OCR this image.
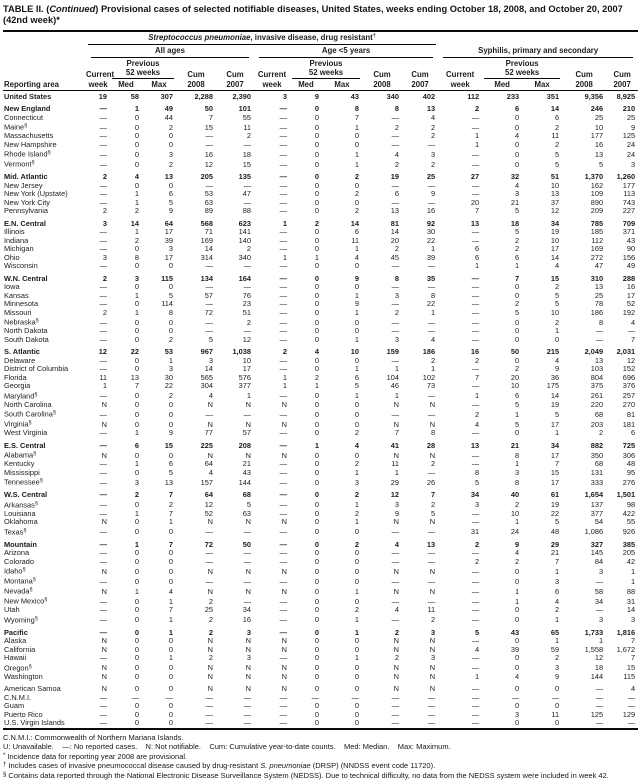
TABLE II. (Continued) Provisional cases of selected notifiable diseases, United States, weeks ending October 18, 2008, and October 20, 2007 (42nd week)*
Reporting area	Streptococcus pneumoniae, invasive disease, drug resistant†

	All ages					Age <5 years					Syphilis, primary and secondary				

	Current	Previous
52 weeks		Cum	Cum	Current	Previous
52 weeks		Cum	Cum	Current	Previous
52 weeks		Cum	Cum
	week	Med	Max	2008	2007	week	Med	Max	2008	2007	week	Med	Max	2008	2007
United States	19	58	307	2,288	2,390	3	9	43	340	402	112	233	351	9,356	8,925
New England	—	1	49	50	101	—	0	8	8	13	2	6	14	246	210
Connecticut	—	0	44	7	55	—	0	7	—	4	—	0	6	25	25
Maine§	—	0	2	15	11	—	0	1	2	2	—	0	2	10	9
Massachusetts	—	0	0	—	2	—	0	0	—	2	1	4	11	177	125
New Hampshire	—	0	0	—	—	—	0	0	—	—	1	0	2	16	24
Rhode Island§	—	0	3	16	18	—	0	1	4	3	—	0	5	13	24
Vermont§	—	0	2	12	15	—	0	1	2	2	—	0	5	5	3
Mid. Atlantic	2	4	13	205	135	—	0	2	19	25	27	32	51	1,370	1,260
New Jersey	—	0	0	—	—	—	0	0	—	—	—	4	10	162	177
New York (Upstate)	—	1	6	53	47	—	0	2	6	9	—	3	13	109	113
New York City	—	1	5	63	—	—	0	0	—	—	20	21	37	890	743
Pennsylvania	2	2	9	89	88	—	0	2	13	16	7	5	12	209	227
E.N. Central	3	14	64	568	623	1	2	14	81	92	13	18	34	785	709
Illinois	—	1	17	71	141	—	0	6	14	30	—	5	19	185	371
Indiana	—	2	39	169	140	—	0	11	20	22	—	2	10	112	43
Michigan	—	0	3	14	2	—	0	1	2	1	6	2	17	169	90
Ohio	3	8	17	314	340	1	1	4	45	39	6	6	14	272	156
Wisconsin	—	0	0	—	—	—	0	0	—	—	1	1	4	47	49
W.N. Central	2	3	115	134	164	—	0	9	8	35	—	7	15	310	288
Iowa	—	0	0	—	—	—	0	0	—	—	—	0	2	13	16
Kansas	—	1	5	57	76	—	0	1	3	8	—	0	5	25	17
Minnesota	—	0	114	—	23	—	0	9	—	22	—	2	5	78	52
Missouri	2	1	8	72	51	—	0	1	2	1	—	5	10	186	192
Nebraska§	—	0	0	—	2	—	0	0	—	—	—	0	2	8	4
North Dakota	—	0	0	—	—	—	0	0	—	—	—	0	1	—	—
South Dakota	—	0	2	5	12	—	0	1	3	4	—	0	0	—	7
S. Atlantic	12	22	53	967	1,038	2	4	10	159	186	16	50	215	2,049	2,031
Delaware	—	0	1	3	10	—	0	0	—	2	2	0	4	13	12
District of Columbia	—	0	3	14	17	—	0	1	1	1	—	2	9	103	152
Florida	11	13	30	565	576	1	2	6	104	102	7	20	36	804	696
Georgia	1	7	22	304	377	1	1	5	46	73	—	10	175	375	376
Maryland§	—	0	2	4	1	—	0	1	1	—	1	6	14	261	257
North Carolina	N	0	0	N	N	N	0	0	N	N	—	5	19	220	270
South Carolina§	—	0	0	—	—	—	0	0	—	—	2	1	5	68	81
Virginia§	N	0	0	N	N	N	0	0	N	N	4	5	17	203	181
West Virginia	—	1	9	77	57	—	0	2	7	8	—	0	1	2	6
E.S. Central	—	6	15	225	208	—	1	4	41	28	13	21	34	882	725
Alabama§	N	0	0	N	N	N	0	0	N	N	—	8	17	350	306
Kentucky	—	1	6	64	21	—	0	2	11	2	—	1	7	68	48
Mississippi	—	0	5	4	43	—	0	1	1	—	8	3	15	131	95
Tennessee§	—	3	13	157	144	—	0	3	29	26	5	8	17	333	276
W.S. Central	—	2	7	64	68	—	0	2	12	7	34	40	61	1,654	1,501
Arkansas§	—	0	2	12	5	—	0	1	3	2	3	2	19	137	98
Louisiana	—	1	7	52	63	—	0	2	9	5	—	10	22	377	422
Oklahoma	N	0	1	N	N	N	0	1	N	N	—	1	5	54	55
Texas§	—	0	0	—	—	—	0	0	—	—	31	24	48	1,086	926
Mountain	—	1	7	72	50	—	0	2	4	13	2	9	29	327	385
Arizona	—	0	0	—	—	—	0	0	—	—	—	4	21	145	205
Colorado	—	0	0	—	—	—	0	0	—	—	2	2	7	84	42
Idaho§	N	0	0	N	N	N	0	0	N	N	—	0	1	3	1
Montana§	—	0	0	—	—	—	0	0	—	—	—	0	3	—	1
Nevada§	N	1	4	N	N	N	0	1	N	N	—	1	6	58	88
New Mexico§	—	0	1	2	—	—	0	0	—	—	—	1	4	34	31
Utah	—	0	7	25	34	—	0	2	4	11	—	0	2	—	14
Wyoming§	—	0	1	2	16	—	0	1	—	2	—	0	1	3	3
Pacific	—	0	1	2	3	—	0	1	2	3	5	43	65	1,733	1,816
Alaska	N	0	0	N	N	N	0	0	N	N	—	0	1	1	7
California	N	0	0	N	N	N	0	0	N	N	4	39	59	1,558	1,672
Hawaii	—	0	1	2	3	—	0	1	2	3	—	0	2	12	7
Oregon§	N	0	0	N	N	N	0	0	N	N	—	0	3	18	15
Washington	N	0	0	N	N	N	0	0	N	N	1	4	9	144	115
American Samoa	N	0	0	N	N	N	0	0	N	N	—	0	0	—	4
C.N.M.I.	—	—	—	—	—	—	—	—	—	—	—	—	—	—	—
Guam	—	0	0	—	—	—	0	0	—	—	—	0	0	—	—
Puerto Rico	—	0	0	—	—	—	0	0	—	—	—	3	11	125	129
U.S. Virgin Islands	—	0	0	—	—	—	0	0	—	—	—	0	0	—	—
C.N.M.I.: Commonwealth of Northern Mariana Islands.
U: Unavailable.    —: No reported cases.    N: Not notifiable.    Cum: Cumulative year-to-date counts.    Med: Median.    Max: Maximum.
* Incidence data for reporting year 2008 are provisional.
† Includes cases of invasive pneumococcal disease caused by drug-resistant S. pneumoniae (DRSP) (NNDSS event code 11720).
§ Contains data reported through the National Electronic Disease Surveillance System (NEDSS). Due to technical difficulty, no data from the NEDSS system were included in week 42.
